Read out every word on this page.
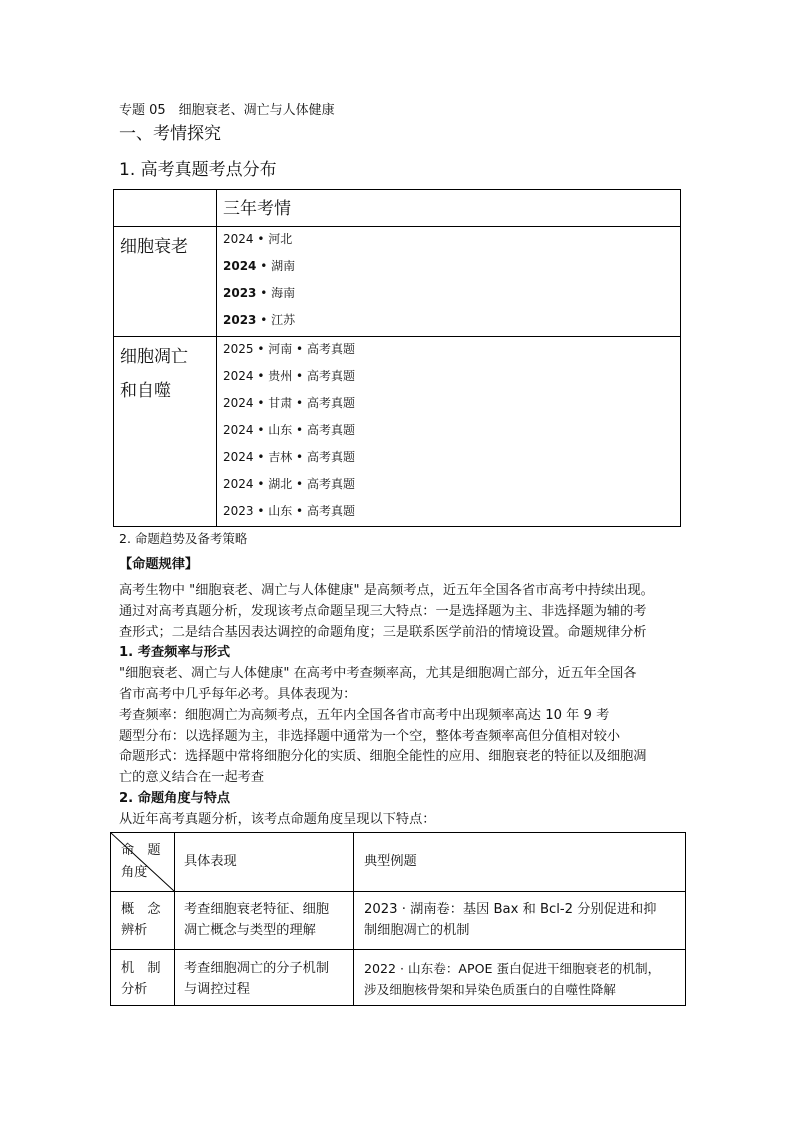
专题 05　细胞衰老、凋亡与人体健康
一、考情探究
1. 高考真题考点分布
三年考情
细胞衰老	2024 • 河北
2024 • 湖南
2023 • 海南
2023 • 江苏
细胞凋亡
和自噬
2025 • 河南 • 高考真题
2024 • 贵州 • 高考真题
2024 • 甘肃 • 高考真题
2024 • 山东 • 高考真题
2024 • 吉林 • 高考真题
2024 • 湖北 • 高考真题
2023 • 山东 • 高考真题
2. 命题趋势及备考策略
【命题规律】
高考生物中 "细胞衰老、凋亡与人体健康" 是高频考点，近五年全国各省市高考中持续出现。
通过对高考真题分析，发现该考点命题呈现三大特点：一是选择题为主、非选择题为辅的考
查形式；二是结合基因表达调控的命题角度；三是联系医学前沿的情境设置。命题规律分析
1. 考查频率与形式
"细胞衰老、凋亡与人体健康" 在高考中考查频率高，尤其是细胞凋亡部分，近五年全国各
省市高考中几乎每年必考。具体表现为：
考查频率：细胞凋亡为高频考点，五年内全国各省市高考中出现频率高达 10 年 9 考
题型分布：以选择题为主，非选择题中通常为一个空，整体考查频率高但分值相对较小
命题形式：选择题中常将细胞分化的实质、细胞全能性的应用、细胞衰老的特征以及细胞凋
亡的意义结合在一起考查
2. 命题角度与特点
从近年高考真题分析，该考点命题角度呈现以下特点：
命　题
角度
具体表现	典型例题
概　念
辨析
考查细胞衰老特征、细胞
凋亡概念与类型的理解
2023 · 湖南卷：基因 Bax 和 Bcl-2 分别促进和抑
制细胞凋亡的机制
机　制
分析
考查细胞凋亡的分子机制
与调控过程
2022 · 山东卷：APOE 蛋白促进干细胞衰老的机制，
涉及细胞核骨架和异染色质蛋白的自噬性降解
